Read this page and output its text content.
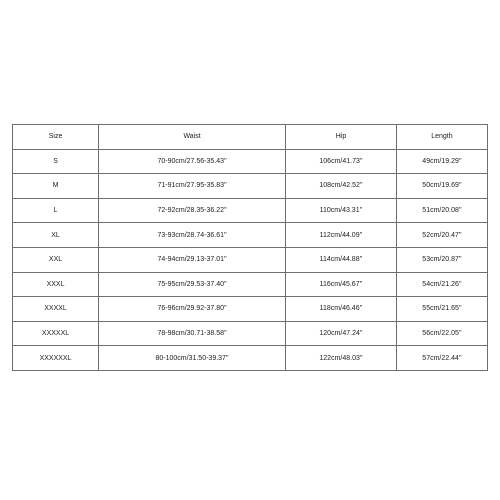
Size	Waist	Hip	Length
S	70-90cm/27.56-35.43''	106cm/41.73''	49cm/19.29''
M	71-91cm/27.95-35.83''	108cm/42.52''	50cm/19.69''
L	72-92cm/28.35-36.22''	110cm/43.31''	51cm/20.08''
XL	73-93cm/28.74-36.61''	112cm/44.09''	52cm/20.47''
XXL	74-94cm/29.13-37.01''	114cm/44.88''	53cm/20.87''
XXXL	75-95cm/29.53-37.40''	116cm/45.67''	54cm/21.26''
XXXXL	76-96cm/29.92-37.80''	118cm/46.46''	55cm/21.65''
XXXXXL	78-98cm/30.71-38.58''	120cm/47.24''	56cm/22.05''
XXXXXXL	80-100cm/31.50-39.37''	122cm/48.03''	57cm/22.44''
